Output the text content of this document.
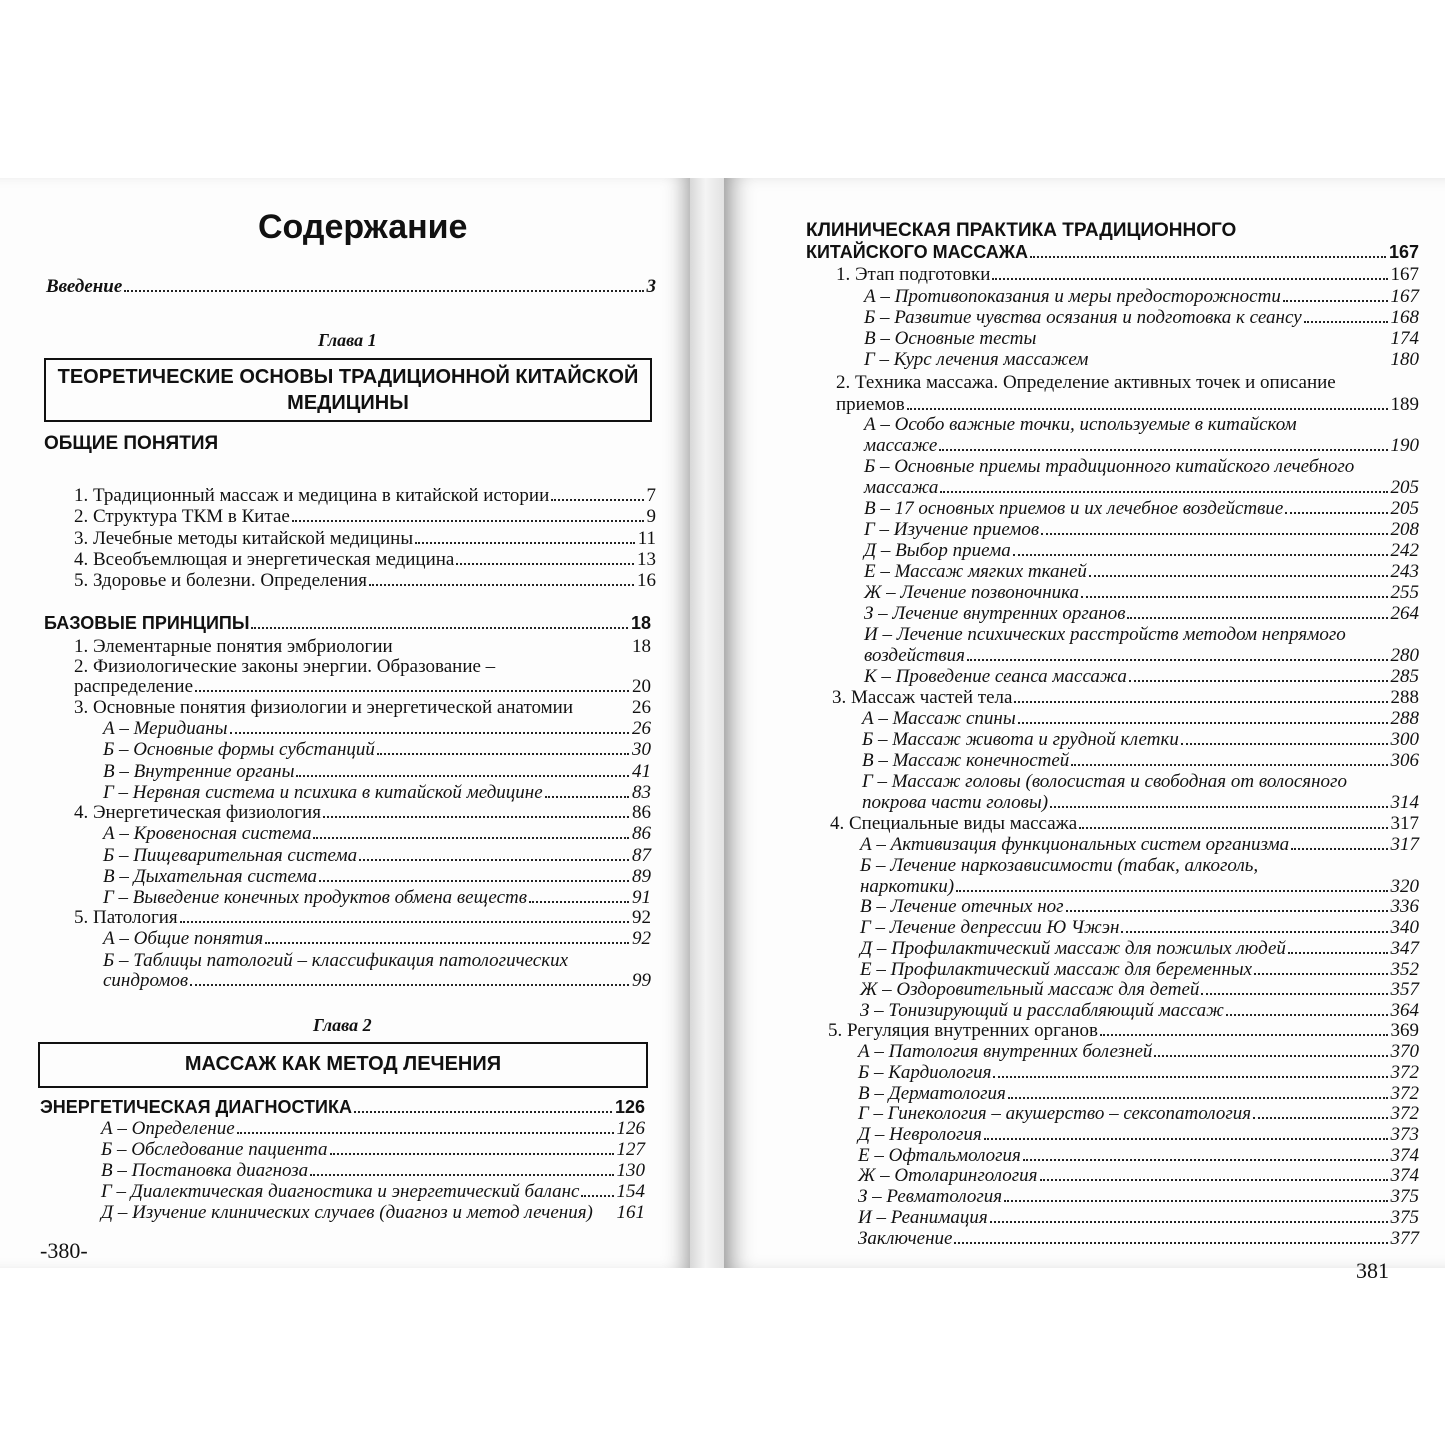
Содержание
Введение	3
Глава 1
ТЕОРЕТИЧЕСКИЕ ОСНОВЫ ТРАДИЦИОННОЙ КИТАЙСКОЙ
МЕДИЦИНЫ
ОБЩИЕ ПОНЯТИЯ
1. Традиционный массаж и медицина в китайской истории	7
2. Структура ТКМ в Китае	9
3. Лечебные методы китайской медицины	11
4. Всеобъемлющая и энергетическая медицина	13
5. Здоровье и болезни. Определения	16
БАЗОВЫЕ ПРИНЦИПЫ	18
1. Элементарные понятия эмбриологии	18
2. Физиологические законы энергии. Образование –
распределение	20
3. Основные понятия физиологии и энергетической анатомии	26
А – Меридианы	26
Б – Основные формы субстанций	30
В – Внутренние органы	41
Г – Нервная система и психика в китайской медицине	83
4. Энергетическая физиология	86
А – Кровеносная система	86
Б – Пищеварительная система	87
В – Дыхательная система	89
Г – Выведение конечных продуктов обмена веществ	91
5. Патология	92
А – Общие понятия	92
Б – Таблицы патологий – классификация патологических
синдромов	99
Глава 2
МАССАЖ КАК МЕТОД ЛЕЧЕНИЯ
ЭНЕРГЕТИЧЕСКАЯ ДИАГНОСТИКА	126
А – Определение	126
Б – Обследование пациента	127
В – Постановка диагноза	130
Г – Диалектическая диагностика и энергетический баланс 154
Д – Изучение клинических случаев (диагноз и метод лечения) 161
-380-
КЛИНИЧЕСКАЯ ПРАКТИКА ТРАДИЦИОННОГО
КИТАЙСКОГО МАССАЖА	167
1. Этап подготовки	167
А – Противопоказания и меры предосторожности	167
Б – Развитие чувства осязания и подготовка к сеансу	168
В – Основные тесты	174
Г – Курс лечения массажем	180
2. Техника массажа. Определение активных точек и описание
приемов	189
А – Особо важные точки, используемые в китайском
массаже	190
Б – Основные приемы традиционного китайского лечебного
массажа	205
В – 17 основных приемов и их лечебное воздействие	205
Г – Изучение приемов	208
Д – Выбор приема	242
Е – Массаж мягких тканей	243
Ж – Лечение позвоночника	255
З – Лечение внутренних органов	264
И – Лечение психических расстройств методом непрямого
воздействия	280
К – Проведение сеанса массажа	285
3. Массаж частей тела	288
А – Массаж спины	288
Б – Массаж живота и грудной клетки	300
В – Массаж конечностей	306
Г – Массаж головы (волосистая и свободная от волосяного
покрова части головы)	314
4. Специальные виды массажа	317
А – Активизация функциональных систем организма	317
Б – Лечение наркозависимости (табак, алкоголь,
наркотики)	320
В – Лечение отечных ног	336
Г – Лечение депрессии Ю Чжэн	340
Д – Профилактический массаж для пожилых людей	347
Е – Профилактический массаж для беременных	352
Ж – Оздоровительный массаж для детей	357
З – Тонизирующий и расслабляющий массаж	364
5. Регуляция внутренних органов	369
А – Патология внутренних болезней	370
Б – Кардиология	372
В – Дерматология	372
Г – Гинекология – акушерство – сексопатология	372
Д – Неврология	373
Е – Офтальмология	374
Ж – Отоларингология	374
З – Ревматология	375
И – Реанимация	375
Заключение	377
381
